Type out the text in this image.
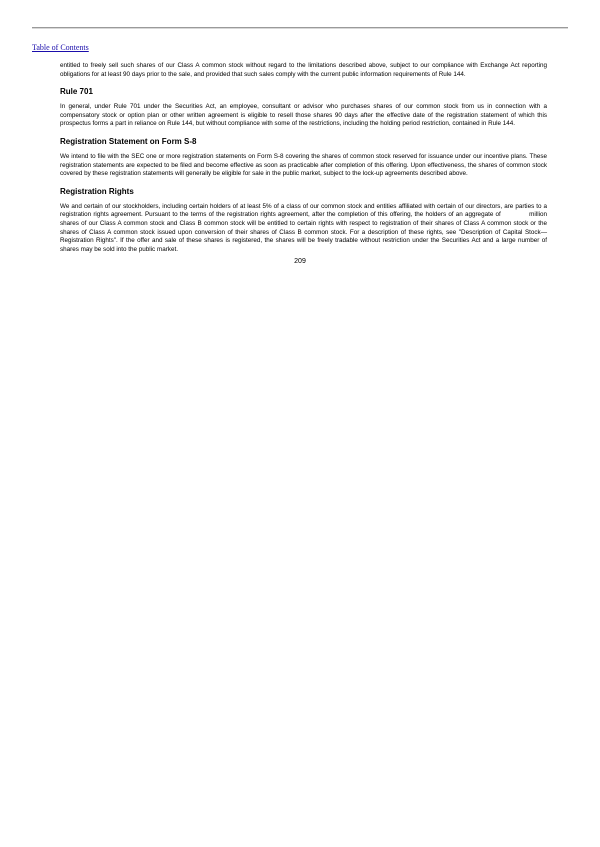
Table of Contents

entitled to freely sell such shares of our Class A common stock without regard to the limitations described above, subject to our compliance with Exchange Act reporting obligations for at least 90 days prior to the sale, and provided that such sales comply with the current public information requirements of Rule 144.

Rule 701

In general, under Rule 701 under the Securities Act, an employee, consultant or advisor who purchases shares of our common stock from us in connection with a compensatory stock or option plan or other written agreement is eligible to resell those shares 90 days after the effective date of the registration statement of which this prospectus forms a part in reliance on Rule 144, but without compliance with some of the restrictions, including the holding period restriction, contained in Rule 144.

Registration Statement on Form S-8

We intend to file with the SEC one or more registration statements on Form S-8 covering the shares of common stock reserved for issuance under our incentive plans. These registration statements are expected to be filed and become effective as soon as practicable after completion of this offering. Upon effectiveness, the shares of common stock covered by these registration statements will generally be eligible for sale in the public market, subject to the lock-up agreements described above.

Registration Rights

We and certain of our stockholders, including certain holders of at least 5% of a class of our common stock and entities affiliated with certain of our directors, are parties to a registration rights agreement. Pursuant to the terms of the registration rights agreement, after the completion of this offering, the holders of an aggregate of             million shares of our Class A common stock and Class B common stock will be entitled to certain rights with respect to registration of their shares of Class A common stock or the shares of Class A common stock issued upon conversion of their shares of Class B common stock. For a description of these rights, see "Description of Capital Stock—Registration Rights". If the offer and sale of these shares is registered, the shares will be freely tradable without restriction under the Securities Act and a large number of shares may be sold into the public market.

209
